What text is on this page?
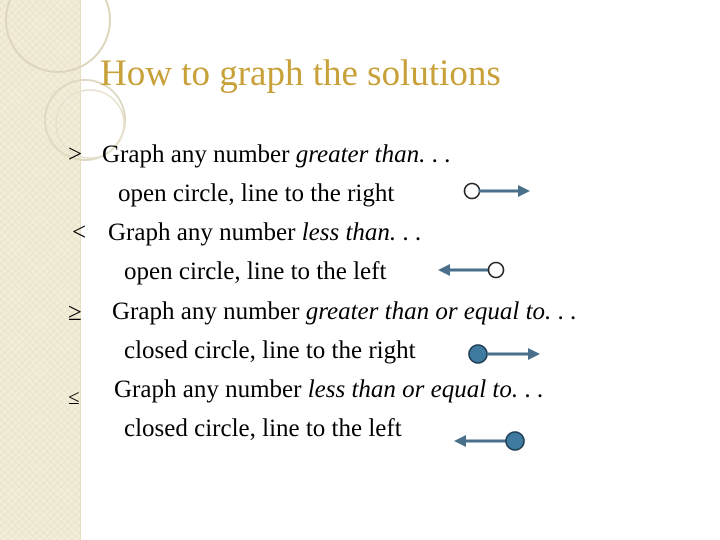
How to graph the solutions
> Graph any number greater than. . .
open circle, line to the right
< Graph any number less than. . .
open circle, line to the left
≥ Graph any number greater than or equal to. . .
closed circle, line to the right
≤ Graph any number less than or equal to. . .
closed circle, line to the left
